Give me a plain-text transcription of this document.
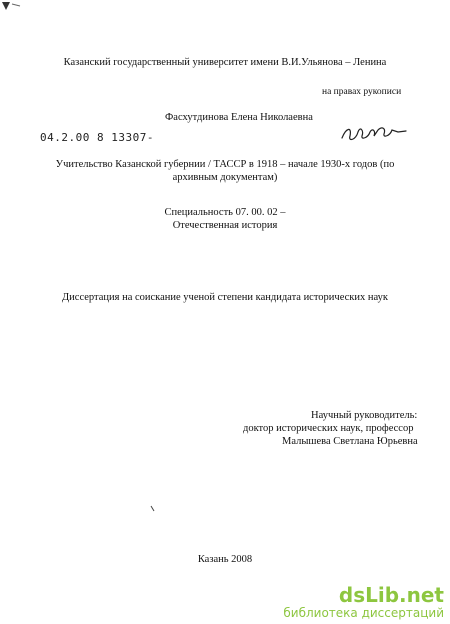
Казанский государственный университет имени В.И.Ульянова – Ленина
на правах рукописи
Фасхутдинова Елена Николаевна
04.2.00 8 13307-
Учительство Казанской губернии / ТАССР в 1918 – начале 1930-х годов (по
архивным документам)
Специальность 07. 00. 02 –
Отечественная история
Диссертация на соискание ученой степени кандидата исторических наук
Научный руководитель:
доктор исторических наук, профессор
Малышева Светлана Юрьевна
Казань 2008
dsLib.net
библиотека диссертаций
